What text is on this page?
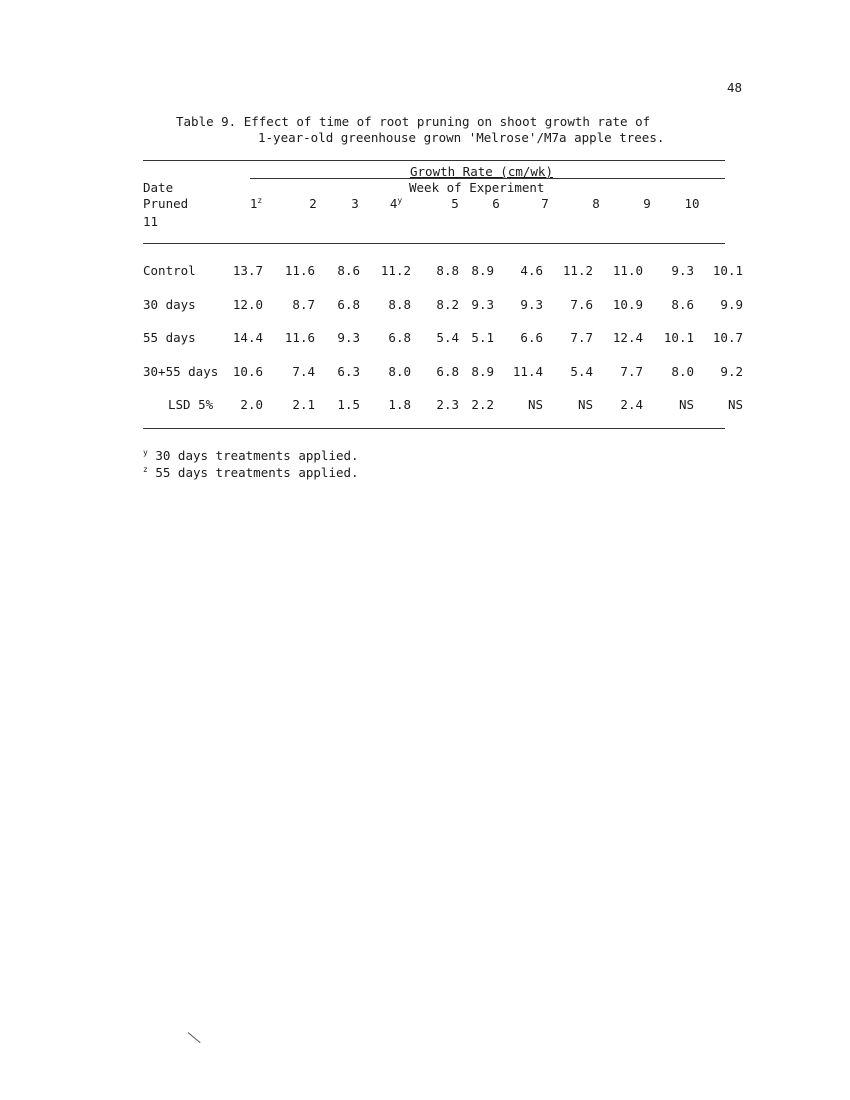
48
Table 9. Effect of time of root pruning on shoot growth rate of
1-year-old greenhouse grown 'Melrose'/M7a apple trees.
Growth Rate (cm/wk)
Week of Experiment
Date
Pruned
11
1$^z$	2	3	4$^y$	5	6	7	8	9	10
Control	13.7	11.6	8.6	11.2	8.8 8.9	4.6	11.2	11.0	9.3	10.1
30 days	12.0	8.7	6.8	8.8	8.2 9.3	9.3	7.6	10.9	8.6	9.9
55 days	14.4	11.6	9.3	6.8	5.4 5.1	6.6	7.7	12.4	10.1	10.7
30+55 days	10.6	7.4	6.3	8.0	6.8 8.9	11.4	5.4	7.7	8.0	9.2
LSD 5%	2.0	2.1	1.5	1.8	2.3 2.2	NS	NS	2.4	NS	NS
$^y$ 30 days treatments applied.
$^z$ 55 days treatments applied.
